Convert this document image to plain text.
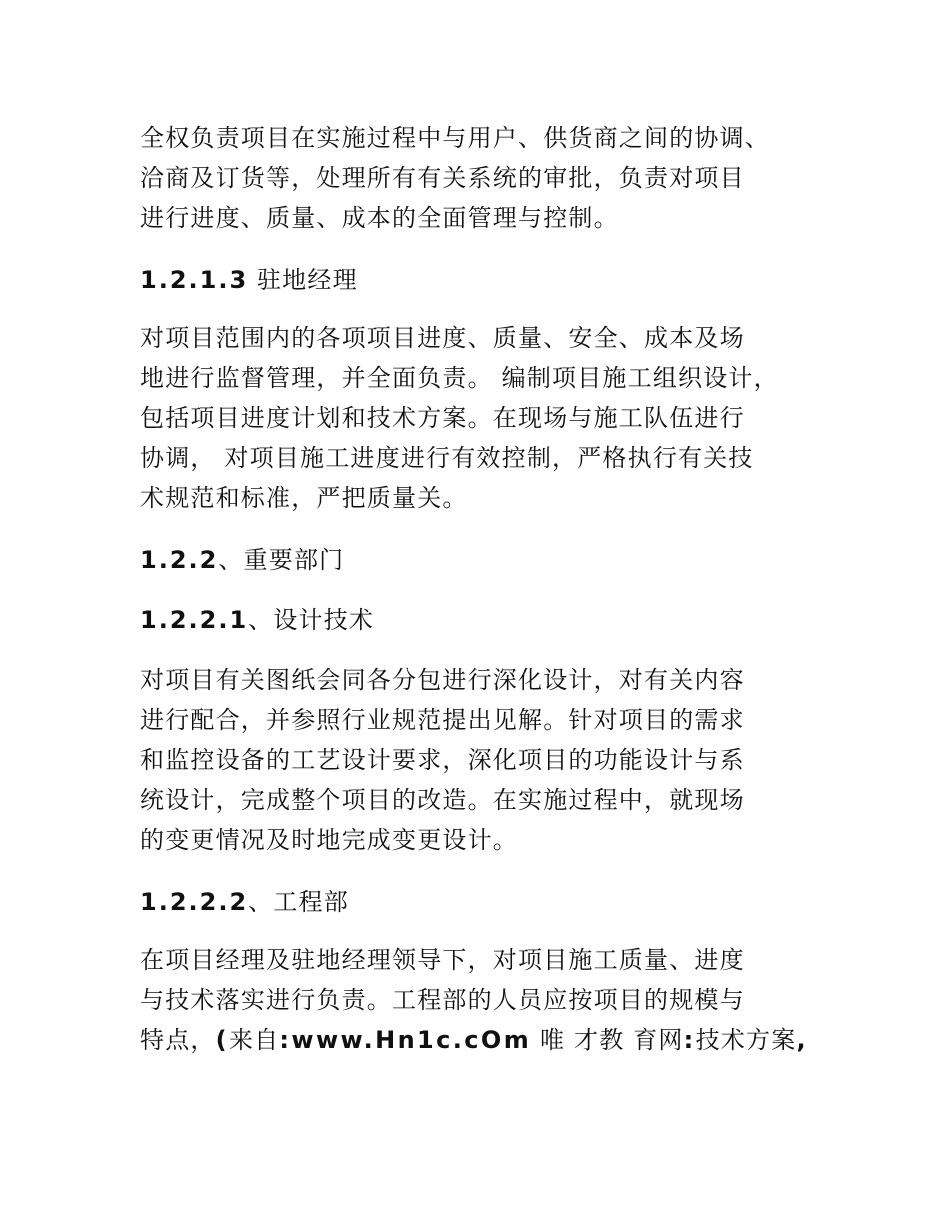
全权负责项目在实施过程中与用户、供货商之间的协调、
洽商及订货等，处理所有有关系统的审批，负责对项目
进行进度、质量、成本的全面管理与控制。
1.2.1.3 驻地经理
对项目范围内的各项项目进度、质量、安全、成本及场
地进行监督管理，并全面负责。 编制项目施工组织设计，
包括项目进度计划和技术方案。在现场与施工队伍进行
协调， 对项目施工进度进行有效控制，严格执行有关技
术规范和标准，严把质量关。
1.2.2、重要部门
1.2.2.1、设计技术
对项目有关图纸会同各分包进行深化设计，对有关内容
进行配合，并参照行业规范提出见解。针对项目的需求
和监控设备的工艺设计要求，深化项目的功能设计与系
统设计，完成整个项目的改造。在实施过程中，就现场
的变更情况及时地完成变更设计。
1.2.2.2、工程部
在项目经理及驻地经理领导下，对项目施工质量、进度
与技术落实进行负责。工程部的人员应按项目的规模与
特点，(来自:www.Hn1c.cOm 唯 才教 育网:技术方案,
